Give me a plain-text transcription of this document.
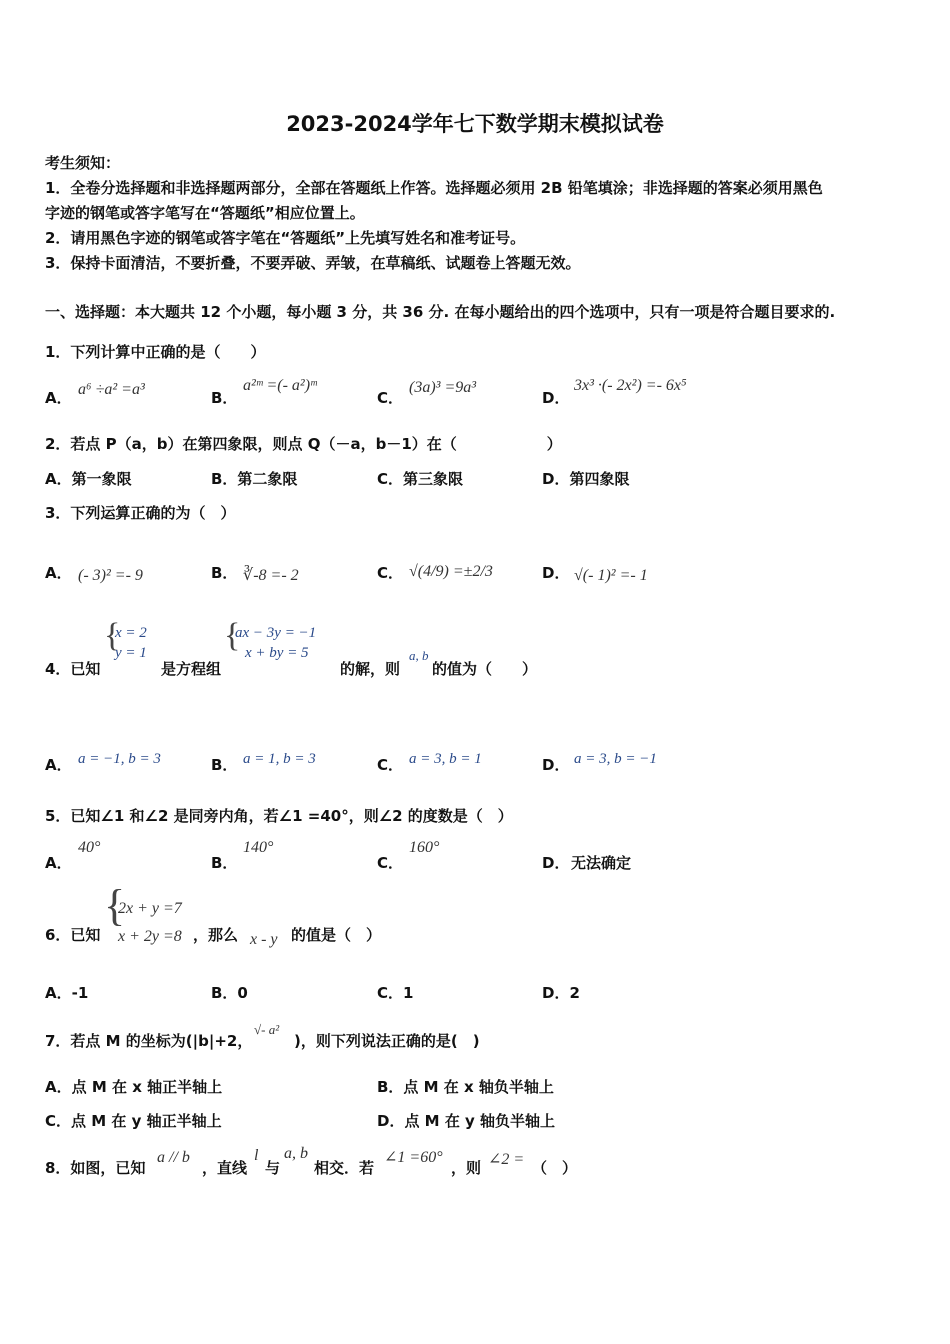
2023-2024学年七下数学期末模拟试卷
考生须知：
1．全卷分选择题和非选择题两部分，全部在答题纸上作答。选择题必须用 2B 铅笔填涂；非选择题的答案必须用黑色
字迹的钢笔或答字笔写在“答题纸”相应位置上。
2．请用黑色字迹的钢笔或答字笔在“答题纸”上先填写姓名和准考证号。
3．保持卡面清洁，不要折叠，不要弄破、弄皱，在草稿纸、试题卷上答题无效。
一、选择题：本大题共 12 个小题，每小题 3 分，共 36 分. 在每小题给出的四个选项中，只有一项是符合题目要求的.
1．下列计算中正确的是（　　）
A． a⁶ ÷a² =a³	B．
a²ᵐ =(- a²)ᵐ
C．
(3a)³ =9a³
D．
3x³ ·(- 2x²) =- 6x⁵
2．若点 P（a，b）在第四象限，则点 Q（－a，b－1）在（　　　　　　）
A．第一象限	B．第二象限	C．第三象限	D．第四象限
3．下列运算正确的为（　）
A． (- 3)² =- 9	B． ∛-8 =- 2	C． √(4/9) =±2/3	D． √(- 1)² =- 1
4．已知
{
x = 2
y = 1
是方程组
{
ax − 3y = −1
x + by = 5
的解，则
a, b
的值为（　　）
A． a = −1, b = 3	B． a = 1, b = 3	C． a = 3, b = 1	D． a = 3, b = −1
5．已知∠1 和∠2 是同旁内角，若∠1 =40°，则∠2 的度数是（　）
A．
40°
B．
140°
C．
160°
D． 无法确定
6．已知
{
2x + y =7
x + 2y =8 ，那么 x - y 的值是（　）
A．-1	B．0	C．1	D．2
7．若点 M 的坐标为(|b|+2，
√- a²
)，则下列说法正确的是(　)
A．点 M 在 x 轴正半轴上	B．点 M 在 x 轴负半轴上
C．点 M 在 y 轴正半轴上	D．点 M 在 y 轴负半轴上
8．如图，已知
a // b
，直线
l
与
a, b
相交．若
∠1 =60°
，则 ∠2 = （　）
